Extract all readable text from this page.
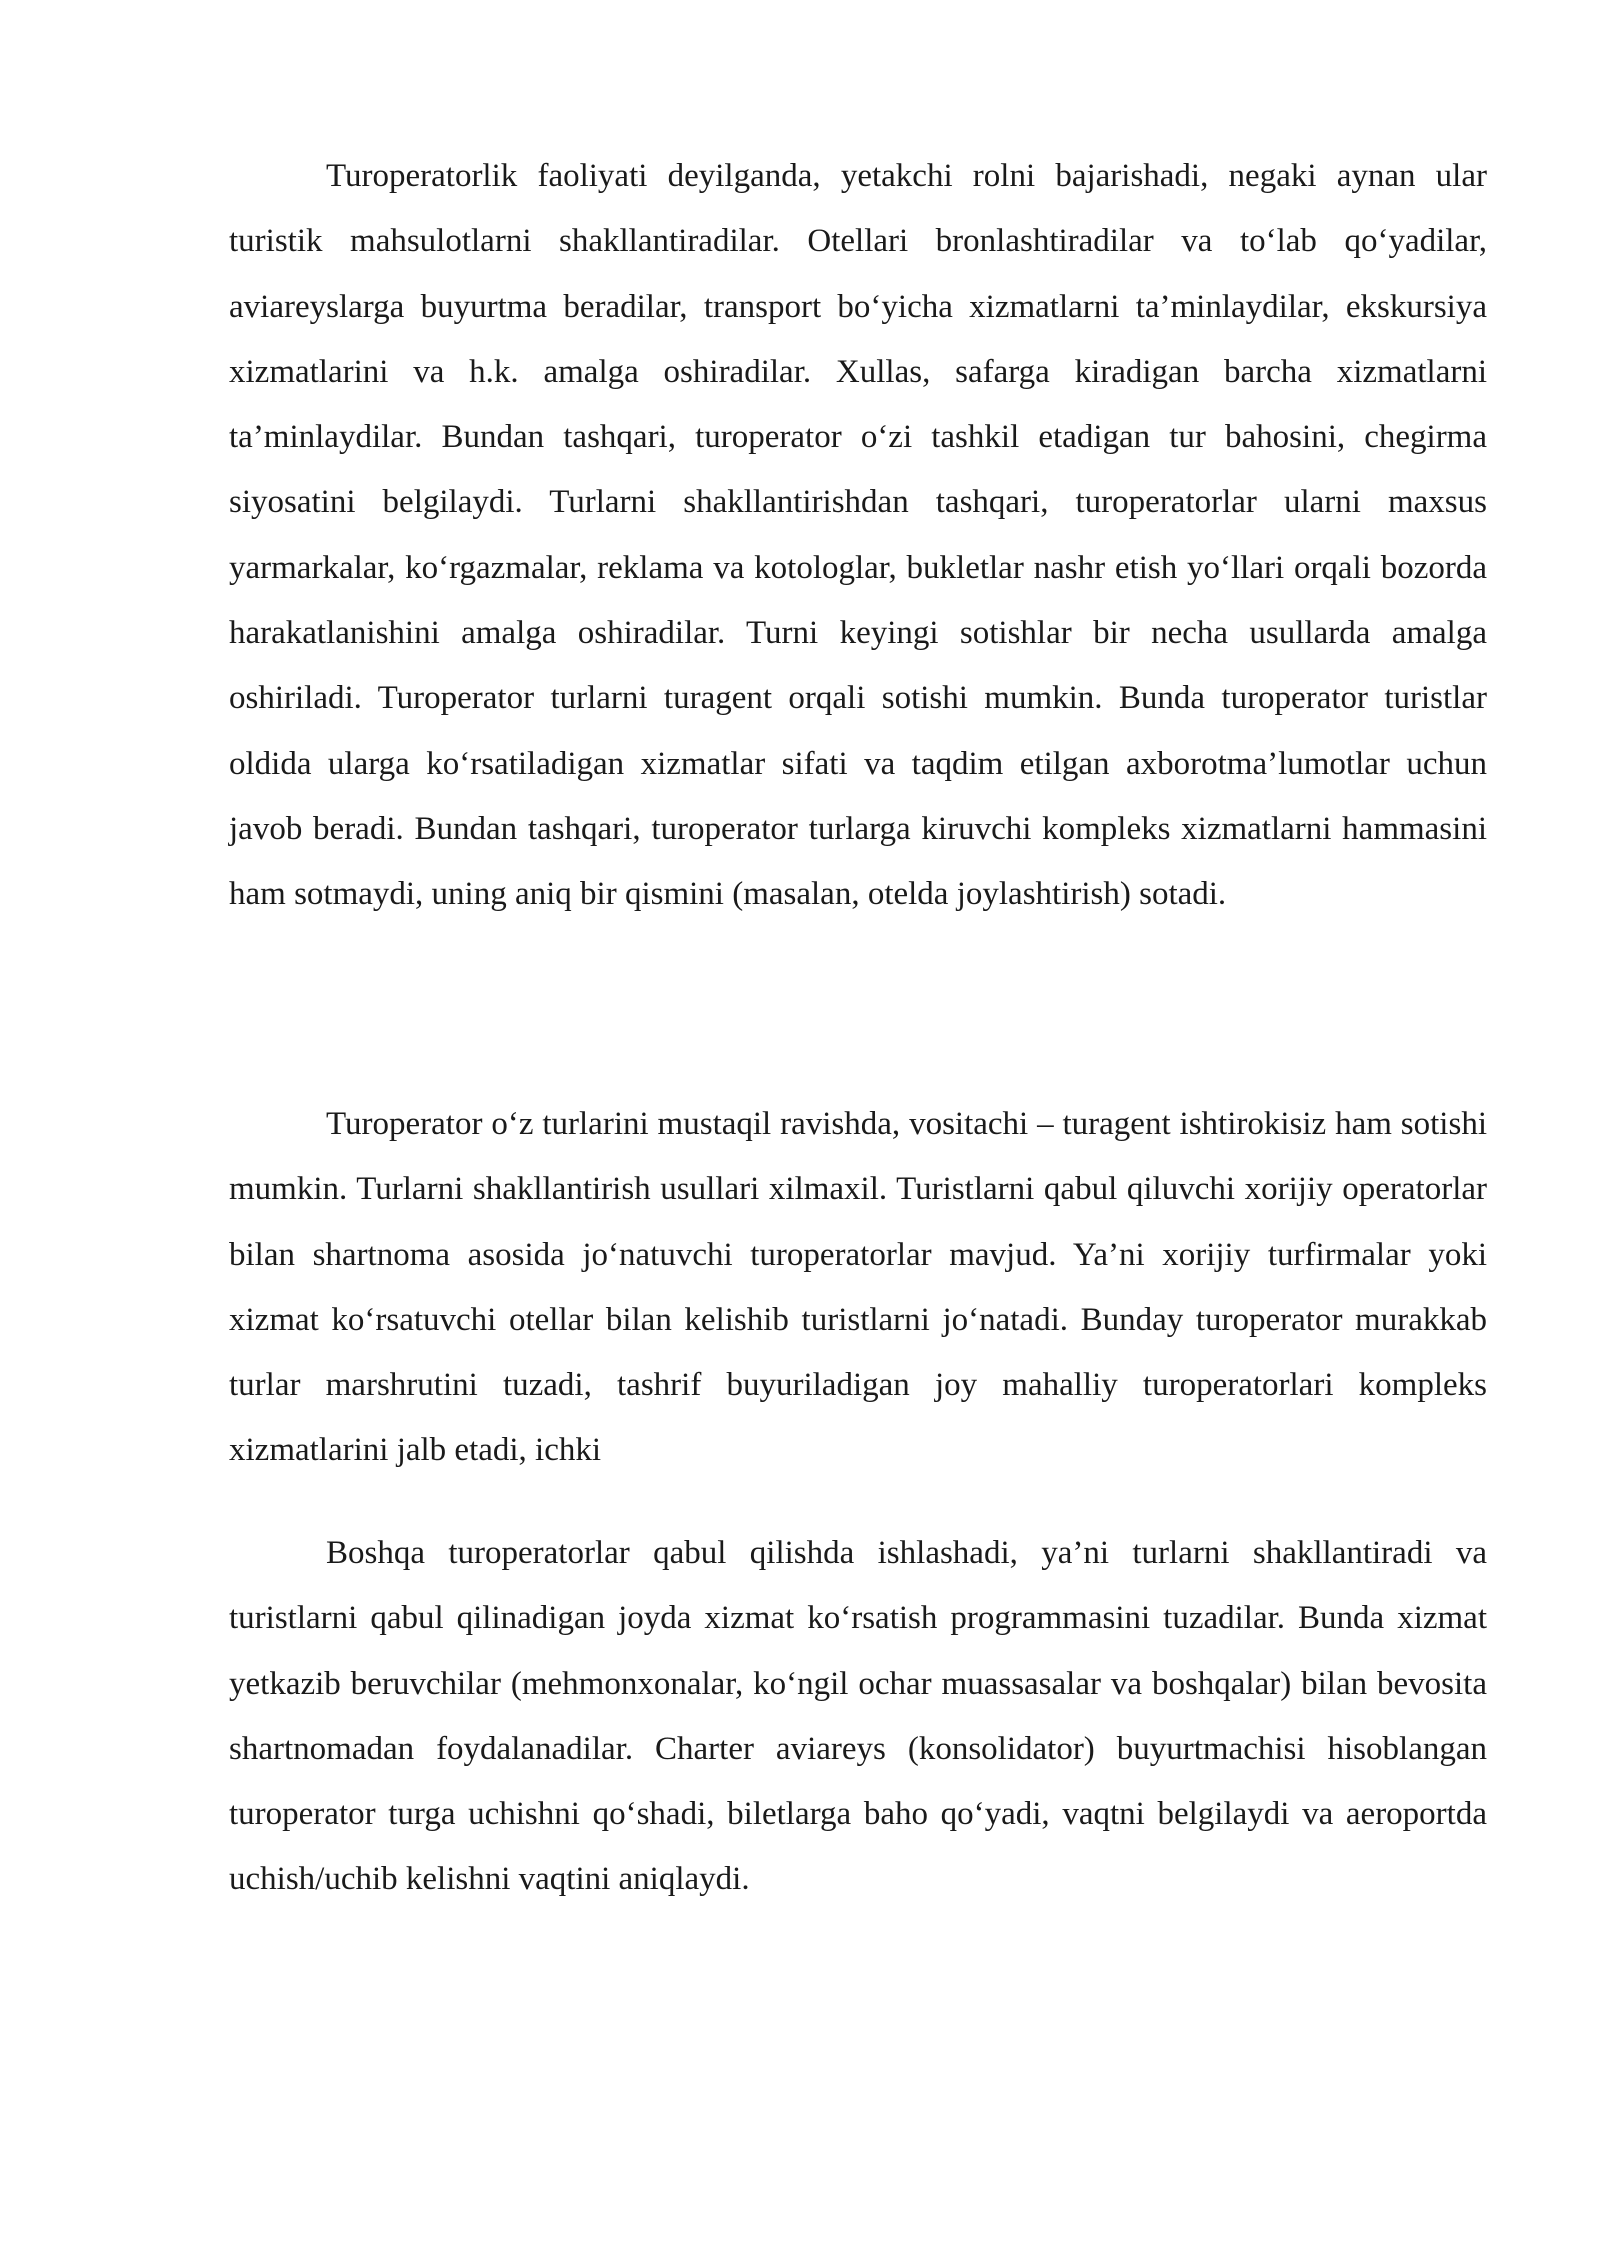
Turoperatorlik faoliyati deyilganda, yetakchi rolni bajarishadi, negaki aynan ular turistik mahsulotlarni shakllantiradilar. Otellari bronlashtiradilar va to‘lab qo‘yadilar, aviareyslarga buyurtma beradilar, transport bo‘yicha xizmatlarni ta’minlaydilar, ekskursiya xizmatlarini va h.k. amalga oshiradilar. Xullas, safarga kiradigan barcha xizmatlarni ta’minlaydilar. Bundan tashqari, turoperator o‘zi tashkil etadigan tur bahosini, chegirma siyosatini belgilaydi. Turlarni shakllantirishdan tashqari, turoperatorlar ularni maxsus yarmarkalar, ko‘rgazmalar, reklama va kotologlar, bukletlar nashr etish yo‘llari orqali bozorda harakatlanishini amalga oshiradilar. Turni keyingi sotishlar bir necha usullarda amalga oshiriladi. Turoperator turlarni turagent orqali sotishi mumkin. Bunda turoperator turistlar oldida ularga ko‘rsatiladigan xizmatlar sifati va taqdim etilgan axborotma’lumotlar uchun javob beradi. Bundan tashqari, turoperator turlarga kiruvchi kompleks xizmatlarni hammasini ham sotmaydi, uning aniq bir qismini (masalan, otelda joylashtirish) sotadi.

Turoperator o‘z turlarini mustaqil ravishda, vositachi – turagent ishtirokisiz ham sotishi mumkin. Turlarni shakllantirish usullari xilmaxil. Turistlarni qabul qiluvchi xorijiy operatorlar bilan shartnoma asosida jo‘natuvchi turoperatorlar mavjud. Ya’ni xorijiy turfirmalar yoki xizmat ko‘rsatuvchi otellar bilan kelishib turistlarni jo‘natadi. Bunday turoperator murakkab turlar marshrutini tuzadi, tashrif buyuriladigan joy mahalliy turoperatorlari kompleks xizmatlarini jalb etadi, ichki

Boshqa turoperatorlar qabul qilishda ishlashadi, ya’ni turlarni shakllantiradi va turistlarni qabul qilinadigan joyda xizmat ko‘rsatish programmasini tuzadilar. Bunda xizmat yetkazib beruvchilar (mehmonxonalar, ko‘ngil ochar muassasalar va boshqalar) bilan bevosita shartnomadan foydalanadilar. Charter aviareys (konsolidator) buyurtmachisi hisoblangan turoperator turga uchishni qo‘shadi, biletlarga baho qo‘yadi, vaqtni belgilaydi va aeroportda uchish/uchib kelishni vaqtini aniqlaydi.
